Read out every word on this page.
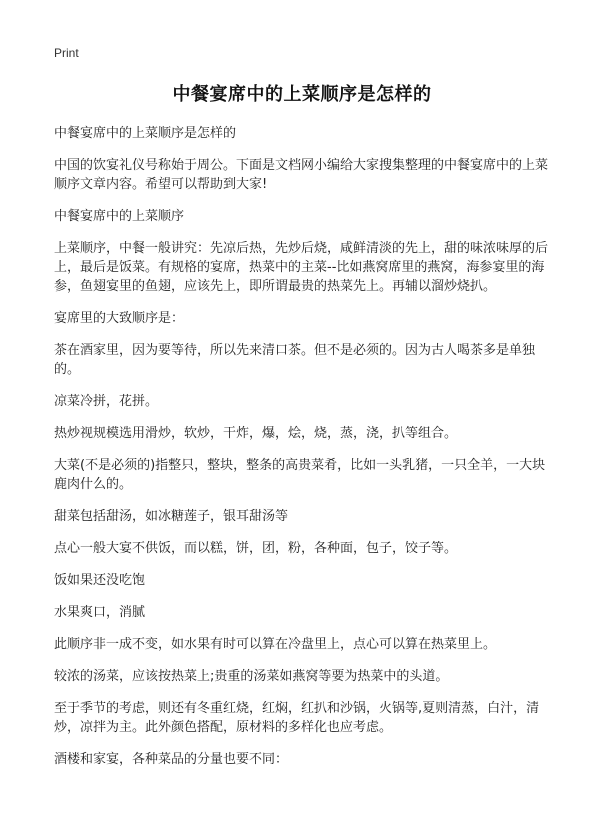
Print
中餐宴席中的上菜顺序是怎样的
中餐宴席中的上菜顺序是怎样的
中国的饮宴礼仪号称始于周公。下面是文档网小编给大家搜集整理的中餐宴席中的上菜顺序文章内容。希望可以帮助到大家!
中餐宴席中的上菜顺序
上菜顺序，中餐一般讲究：先凉后热，先炒后烧，咸鲜清淡的先上，甜的味浓味厚的后上，最后是饭菜。有规格的宴席，热菜中的主菜--比如燕窝席里的燕窝，海参宴里的海参，鱼翅宴里的鱼翅，应该先上，即所谓最贵的热菜先上。再辅以溜炒烧扒。
宴席里的大致顺序是：
茶在酒家里，因为要等待，所以先来清口茶。但不是必须的。因为古人喝茶多是单独的。
凉菜冷拼，花拼。
热炒视规模选用滑炒，软炒，干炸，爆，烩，烧，蒸，浇，扒等组合。
大菜(不是必须的)指整只，整块，整条的高贵菜肴，比如一头乳猪，一只全羊，一大块鹿肉什么的。
甜菜包括甜汤，如冰糖莲子，银耳甜汤等
点心一般大宴不供饭，而以糕，饼，团，粉，各种面，包子，饺子等。
饭如果还没吃饱
水果爽口，消腻
此顺序非一成不变，如水果有时可以算在冷盘里上，点心可以算在热菜里上。
较浓的汤菜，应该按热菜上;贵重的汤菜如燕窝等要为热菜中的头道。
至于季节的考虑，则还有冬重红烧，红焖，红扒和沙锅，火锅等,夏则清蒸，白汁，清炒，凉拌为主。此外颜色搭配，原材料的多样化也应考虑。
酒楼和家宴，各种菜品的分量也要不同：
